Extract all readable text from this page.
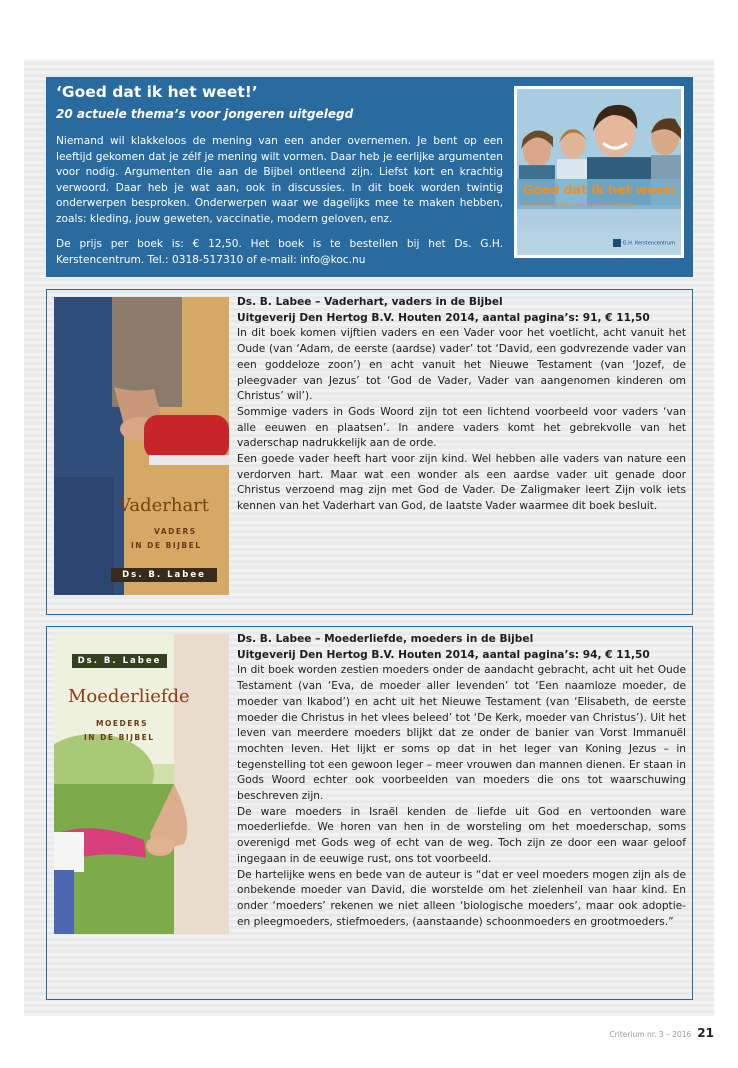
‘Goed dat ik het weet!’
20 actuele thema’s voor jongeren uitgelegd
Niemand wil klakkeloos de mening van een ander overnemen. Je bent op een leeftijd gekomen dat je zélf je mening wilt vormen. Daar heb je eerlijke argumenten voor nodig. Argumenten die aan de Bijbel ontleend zijn. Liefst kort en krachtig verwoord. Daar heb je wat aan, ook in discussies. In dit boek worden twintig onderwerpen besproken. Onderwerpen waar we dagelijks mee te maken hebben, zoals: kleding, jouw geweten, vaccinatie, modern geloven, enz.
De prijs per boek is: € 12,50. Het boek is te bestellen bij het Ds. G.H. Kerstencentrum. Tel.: 0318-517310 of e-mail: info@koc.nu
Goed dat ik het weet!
20 actuele thema’s voor jongeren uitgelegd
G.H. Kerstencentrum
Vaderhart
VADERS
IN DE BIJBEL
Ds. B. Labee
Ds. B. Labee – Vaderhart, vaders in de Bijbel
Uitgeverij Den Hertog B.V. Houten 2014, aantal pagina’s: 91, € 11,50
In dit boek komen vijftien vaders en een Vader voor het voetlicht, acht vanuit het Oude (van ‘Adam, de eerste (aardse) vader’ tot ‘David, een godvrezende vader van een goddeloze zoon’) en acht vanuit het Nieuwe Testament (van ‘Jozef, de pleegvader van Jezus’ tot ‘God de Vader, Vader van aangenomen kinderen om Christus’ wil’).
Sommige vaders in Gods Woord zijn tot een lichtend voorbeeld voor vaders ‘van alle eeuwen en plaatsen’. In andere vaders komt het gebrekvolle van het vaderschap nadrukkelijk aan de orde.
Een goede vader heeft hart voor zijn kind. Wel hebben alle vaders van nature een verdorven hart. Maar wat een wonder als een aardse vader uit genade door Christus verzoend mag zijn met God de Vader. De Zaligmaker leert Zijn volk iets kennen van het Vaderhart van God, de laatste Vader waarmee dit boek besluit.
Ds. B. Labee
Moederliefde
MOEDERS
IN DE BIJBEL
Ds. B. Labee – Moederliefde, moeders in de Bijbel
Uitgeverij Den Hertog B.V. Houten 2014, aantal pagina’s: 94, € 11,50
In dit boek worden zestien moeders onder de aandacht gebracht, acht uit het Oude Testament (van ‘Eva, de moeder aller levenden’ tot ‘Een naamloze moeder, de moeder van Ikabod’) en acht uit het Nieuwe Testament (van ‘Elisabeth, de eerste moeder die Christus in het vlees beleed’ tot ‘De Kerk, moeder van Christus’). Uit het leven van meerdere moeders blijkt dat ze onder de banier van Vorst Immanuël mochten leven. Het lijkt er soms op dat in het leger van Koning Jezus – in tegenstelling tot een gewoon leger – meer vrouwen dan mannen dienen. Er staan in Gods Woord echter ook voorbeelden van moeders die ons tot waarschuwing beschreven zijn.
De ware moeders in Israël kenden de liefde uit God en vertoonden ware moederliefde. We horen van hen in de worsteling om het moederschap, soms overenigd met Gods weg of echt van de weg. Toch zijn ze door een waar geloof ingegaan in de eeuwige rust, ons tot voorbeeld.
De hartelijke wens en bede van de auteur is “dat er veel moeders mogen zijn als de onbekende moeder van David, die worstelde om het zielenheil van haar kind. En onder ‘moeders’ rekenen we niet alleen ‘biologische moeders’, maar ook adoptie- en pleegmoeders, stiefmoeders, (aanstaande) schoonmoeders en grootmoeders.”
Criterium nr. 3 – 2016 21
